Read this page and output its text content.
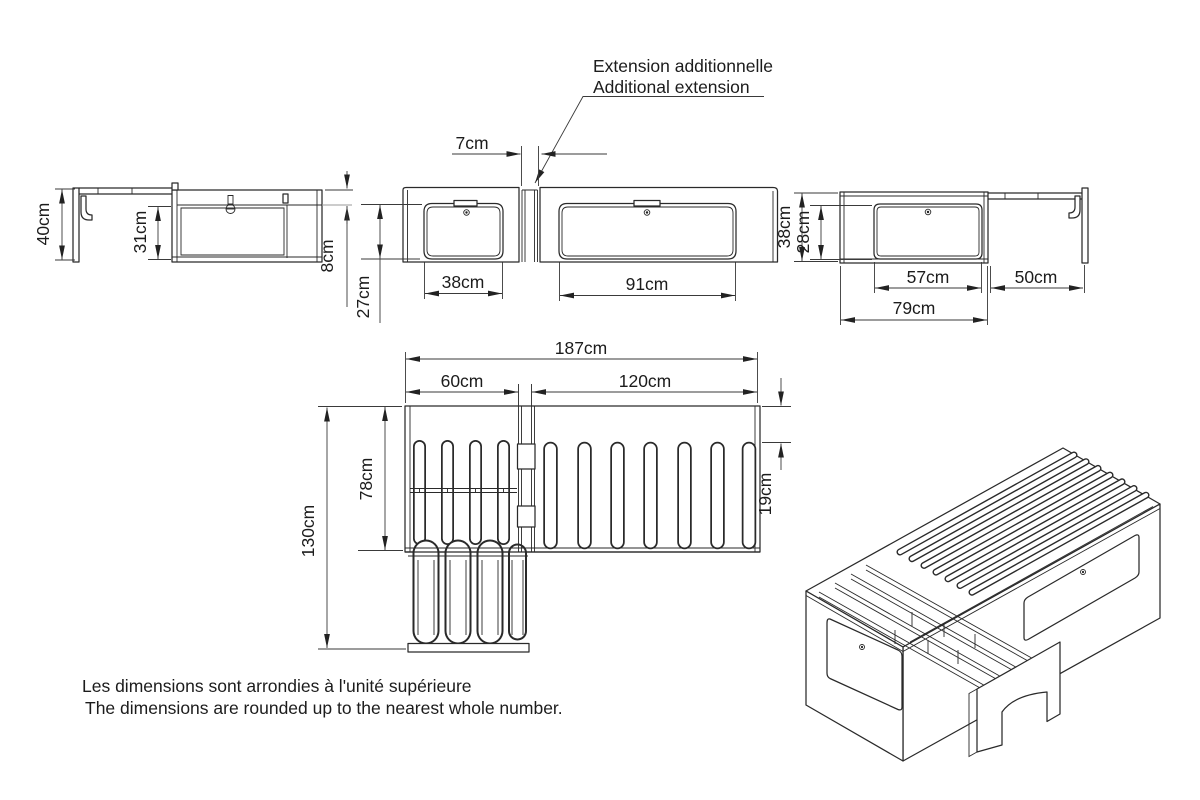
40cm	31cm
8cm
Extension additionnelle
Additional extension
7cm
27cm	38cm	91cm
38cm 28cm
57cm	50cm
79cm
187cm
60cm	120cm
78cm
130cm
19cm
Les dimensions sont arrondies à l'unité supérieure
The dimensions are rounded up to the nearest whole number.
